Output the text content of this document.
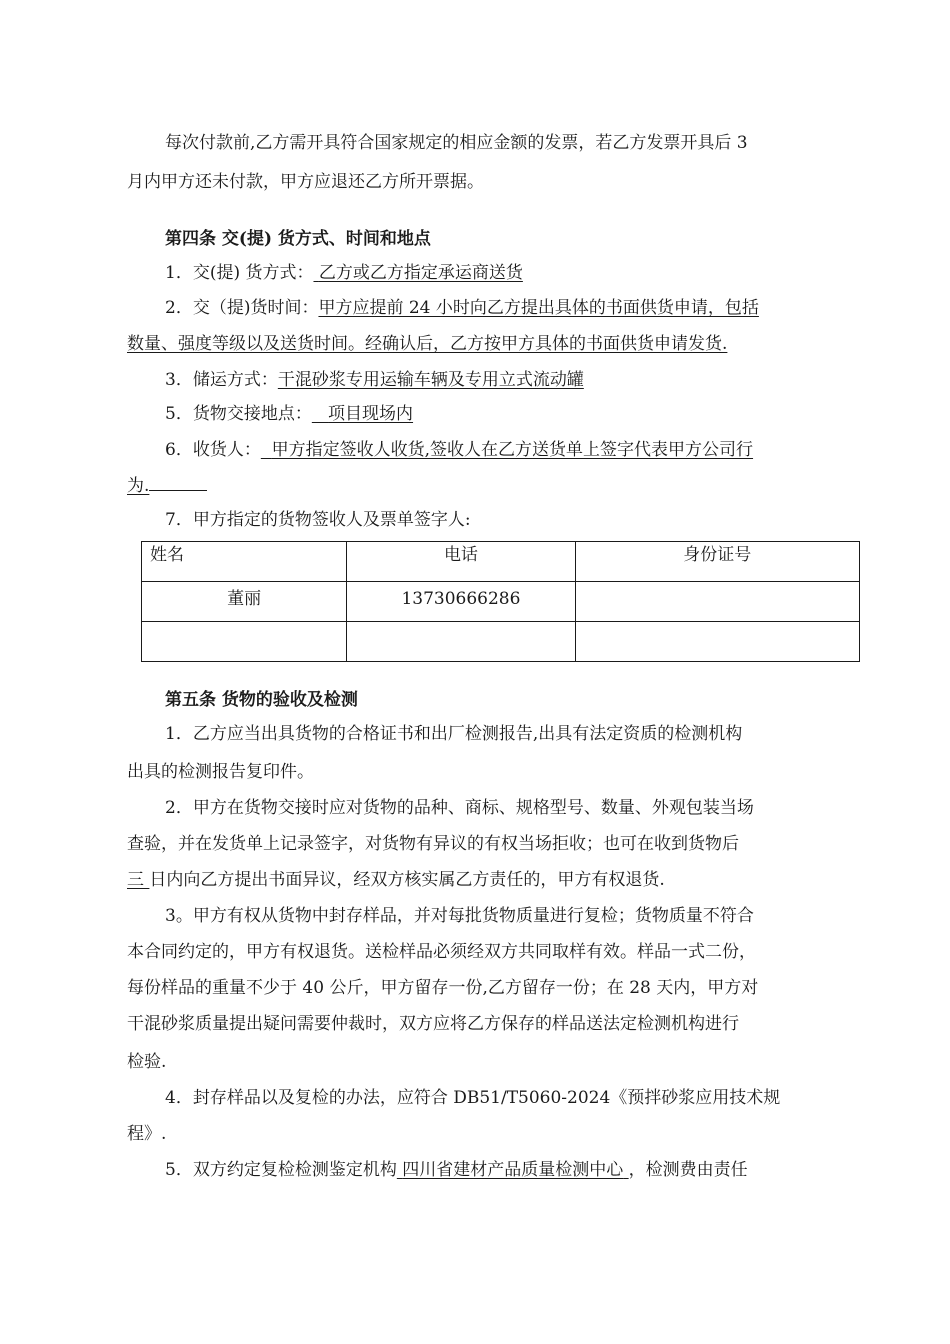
每次付款前,乙方需开具符合国家规定的相应金额的发票，若乙方发票开具后 3
月内甲方还未付款，甲方应退还乙方所开票据。
第四条 交(提) 货方式、时间和地点
1．交(提) 货方式： 乙方或乙方指定承运商送货
2．交（提)货时间：甲方应提前 24 小时向乙方提出具体的书面供货申请，包括
数量、强度等级以及送货时间。经确认后，乙方按甲方具体的书面供货申请发货.
3．储运方式：干混砂浆专用运输车辆及专用立式流动罐
5．货物交接地点： 项目现场内
6．收货人： 甲方指定签收人收货,签收人在乙方送货单上签字代表甲方公司行
为.
7．甲方指定的货物签收人及票单签字人:
姓名	电话	身份证号

董丽	13730666286	

第五条 货物的验收及检测
1．乙方应当出具货物的合格证书和出厂检测报告,出具有法定资质的检测机构
出具的检测报告复印件。
2．甲方在货物交接时应对货物的品种、商标、规格型号、数量、外观包装当场
查验，并在发货单上记录签字，对货物有异议的有权当场拒收；也可在收到货物后
三 日内向乙方提出书面异议，经双方核实属乙方责任的，甲方有权退货.
3。甲方有权从货物中封存样品，并对每批货物质量进行复检；货物质量不符合
本合同约定的，甲方有权退货。送检样品必须经双方共同取样有效。样品一式二份，
每份样品的重量不少于 40 公斤，甲方留存一份,乙方留存一份；在 28 天内，甲方对
干混砂浆质量提出疑问需要仲裁时，双方应将乙方保存的样品送法定检测机构进行
检验.
4．封存样品以及复检的办法，应符合 DB51/T5060-2024《预拌砂浆应用技术规
程》.
5．双方约定复检检测鉴定机构 四川省建材产品质量检测中心 ，检测费由责任
